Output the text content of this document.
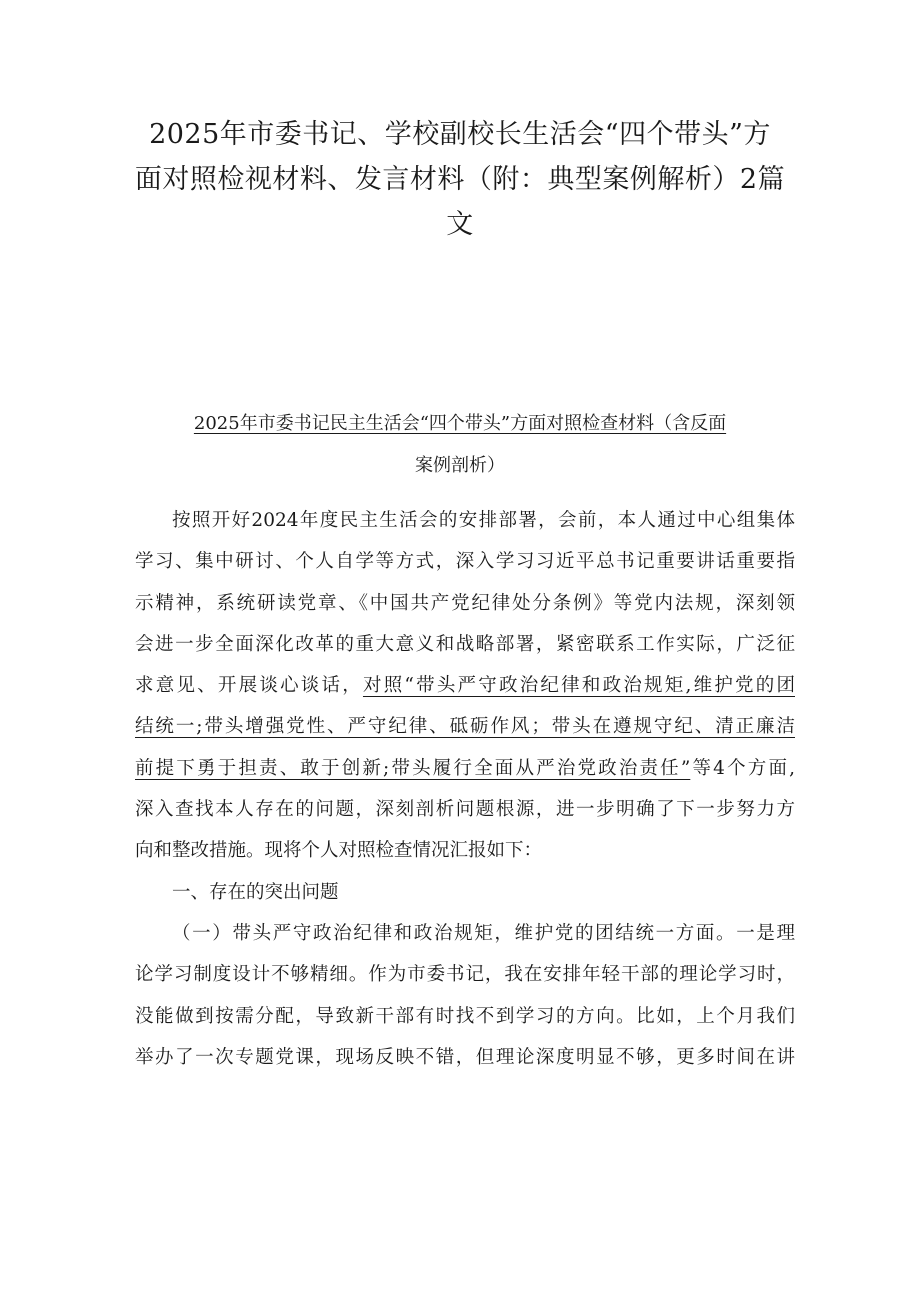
2025年市委书记、学校副校长生活会“四个带头”方
面对照检视材料、发言材料（附：典型案例解析）2篇
文
2025年市委书记民主生活会“四个带头”方面对照检查材料（含反面
案例剖析）
按照开好2024年度民主生活会的安排部署，会前，本人通过中心组集体
学习、集中研讨、个人自学等方式，深入学习习近平总书记重要讲话重要指
示精神，系统研读党章、《中国共产党纪律处分条例》等党内法规，深刻领
会进一步全面深化改革的重大意义和战略部署，紧密联系工作实际，广泛征
求意见、开展谈心谈话，对照“带头严守政治纪律和政治规矩,维护党的团
结统一;带头增强党性、严守纪律、砥砺作风；带头在遵规守纪、清正廉洁
前提下勇于担责、敢于创新;带头履行全面从严治党政治责任”等4个方面,
深入查找本人存在的问题，深刻剖析问题根源，进一步明确了下一步努力方
向和整改措施。现将个人对照检查情况汇报如下：
一、存在的突出问题
（一）带头严守政治纪律和政治规矩，维护党的团结统一方面。一是理
论学习制度设计不够精细。作为市委书记，我在安排年轻干部的理论学习时，
没能做到按需分配，导致新干部有时找不到学习的方向。比如，上个月我们
举办了一次专题党课，现场反映不错，但理论深度明显不够，更多时间在讲
